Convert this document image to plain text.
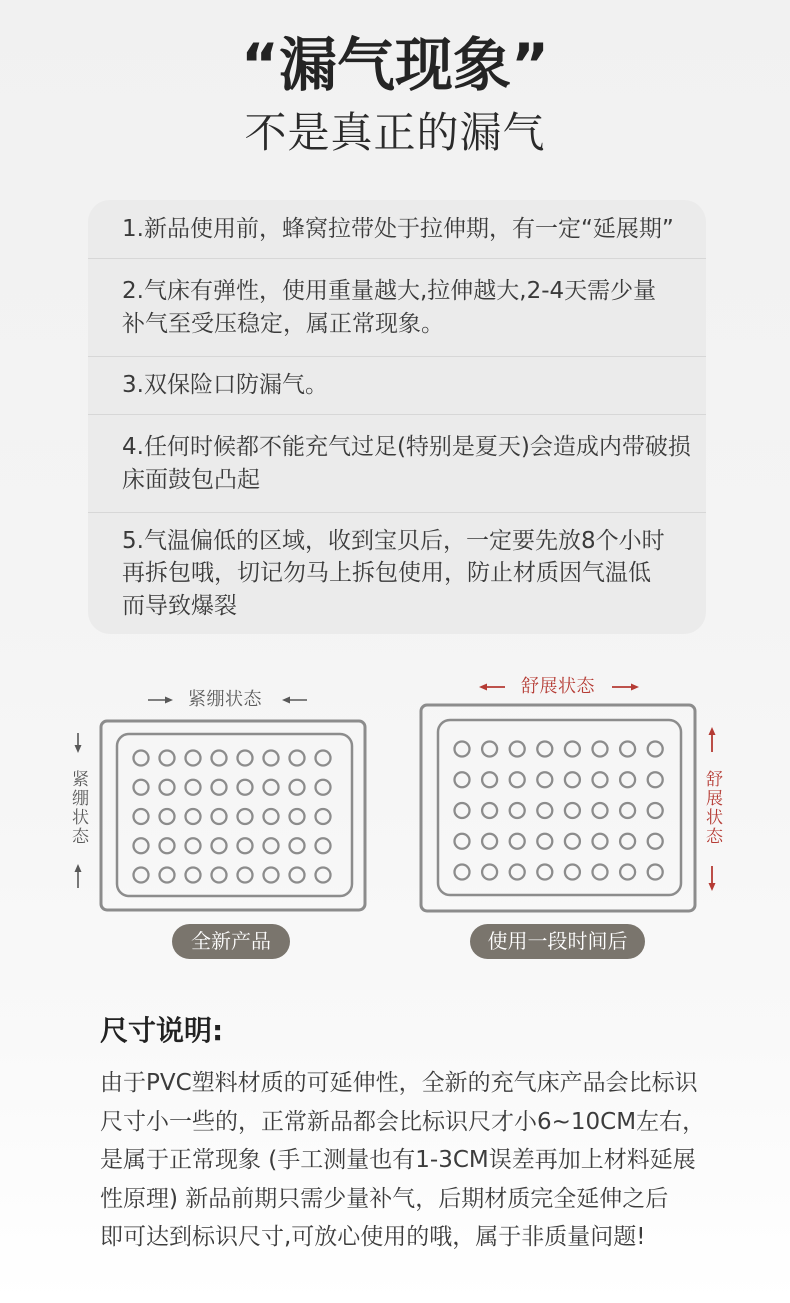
“漏气现象”
不是真正的漏气
1.新品使用前，蜂窝拉带处于拉伸期，有一定“延展期”
2.气床有弹性，使用重量越大,拉伸越大,2-4天需少量
补气至受压稳定，属正常现象。
3.双保险口防漏气。
4.任何时候都不能充气过足(特别是夏天)会造成内带破损
床面鼓包凸起
5.气温偏低的区域，收到宝贝后，一定要先放8个小时
再拆包哦，切记勿马上拆包使用，防止材质因气温低
而导致爆裂
紧绷状态
紧绷状态
舒展状态
舒展状态
全新产品	使用一段时间后
尺寸说明:
由于PVC塑料材质的可延伸性，全新的充气床产品会比标识
尺寸小一些的，正常新品都会比标识尺才小6~10CM左右，
是属于正常现象 (手工测量也有1-3CM误差再加上材料延展
性原理) 新品前期只需少量补气，后期材质完全延伸之后
即可达到标识尺寸,可放心使用的哦，属于非质量问题!
